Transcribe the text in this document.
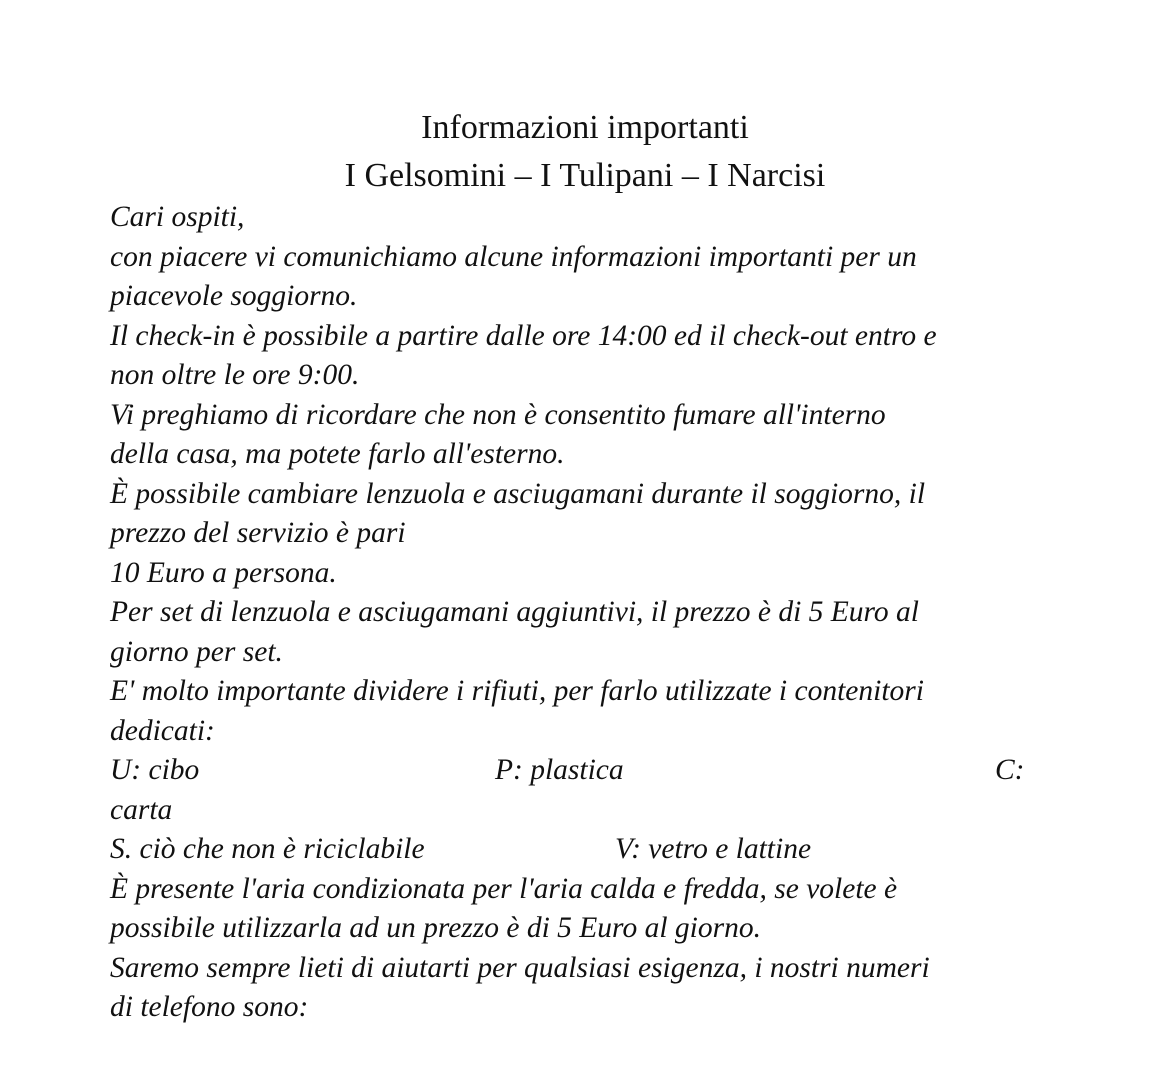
Informazioni importanti
I Gelsomini – I Tulipani – I Narcisi
Cari ospiti,
con piacere vi comunichiamo alcune informazioni importanti per un
piacevole soggiorno.
Il check-in è possibile a partire dalle ore 14:00 ed il check-out entro e
non oltre le ore 9:00.
Vi preghiamo di ricordare che non è consentito fumare all'interno
della casa, ma potete farlo all'esterno.
È possibile cambiare lenzuola e asciugamani durante il soggiorno, il
prezzo del servizio è pari
10 Euro a persona.
Per set di lenzuola e asciugamani aggiuntivi, il prezzo è di 5 Euro al
giorno per set.
E' molto importante dividere i rifiuti, per farlo utilizzate i contenitori
dedicati:
U: cibo	P: plastica	C:
carta
S. ciò che non è riciclabile	V: vetro e lattine
È presente l'aria condizionata per l'aria calda e fredda, se volete è
possibile utilizzarla ad un prezzo è di 5 Euro al giorno.
Saremo sempre lieti di aiutarti per qualsiasi esigenza, i nostri numeri
di telefono sono:
